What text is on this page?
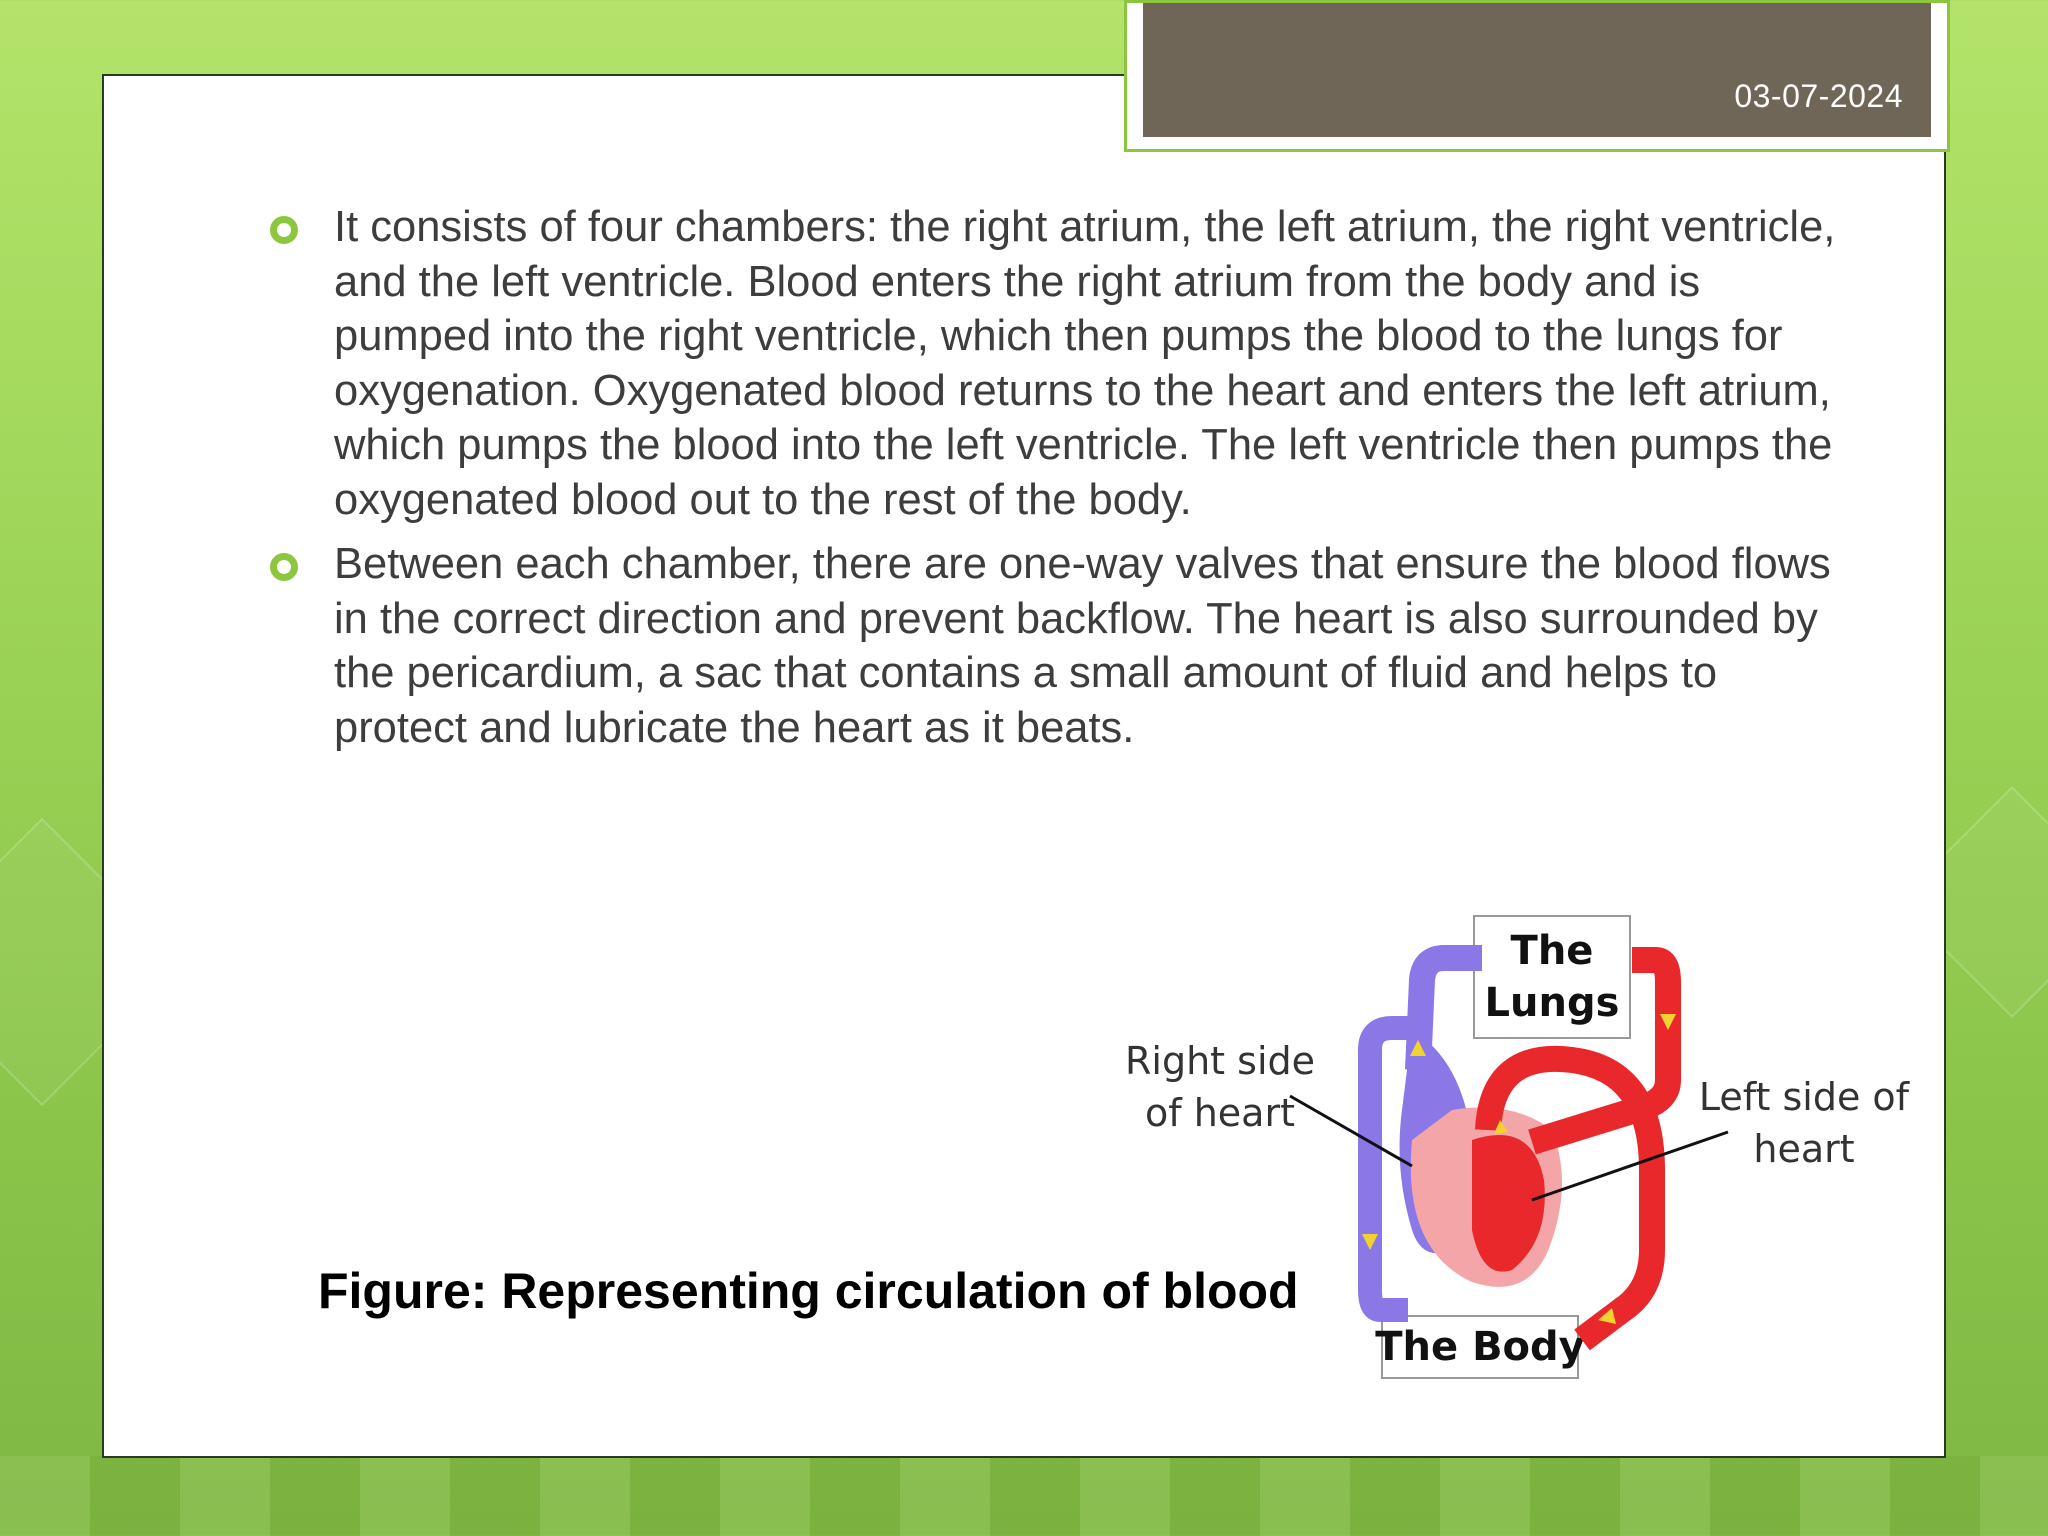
03-07-2024
It consists of four chambers: the right atrium, the left atrium, the right ventricle, and the left ventricle. Blood enters the right atrium from the body and is pumped into the right ventricle, which then pumps the blood to the lungs for oxygenation. Oxygenated blood returns to the heart and enters the left atrium, which pumps the blood into the left ventricle. The left ventricle then pumps the oxygenated blood out to the rest of the body.
Between each chamber, there are one-way valves that ensure the blood flows in the correct direction and prevent backflow. The heart is also surrounded by the pericardium, a sac that contains a small amount of fluid and helps to protect and lubricate the heart as it beats.
Figure: Representing circulation of blood
The
Lungs
The Body
Right side
of heart	Left side of
heart
